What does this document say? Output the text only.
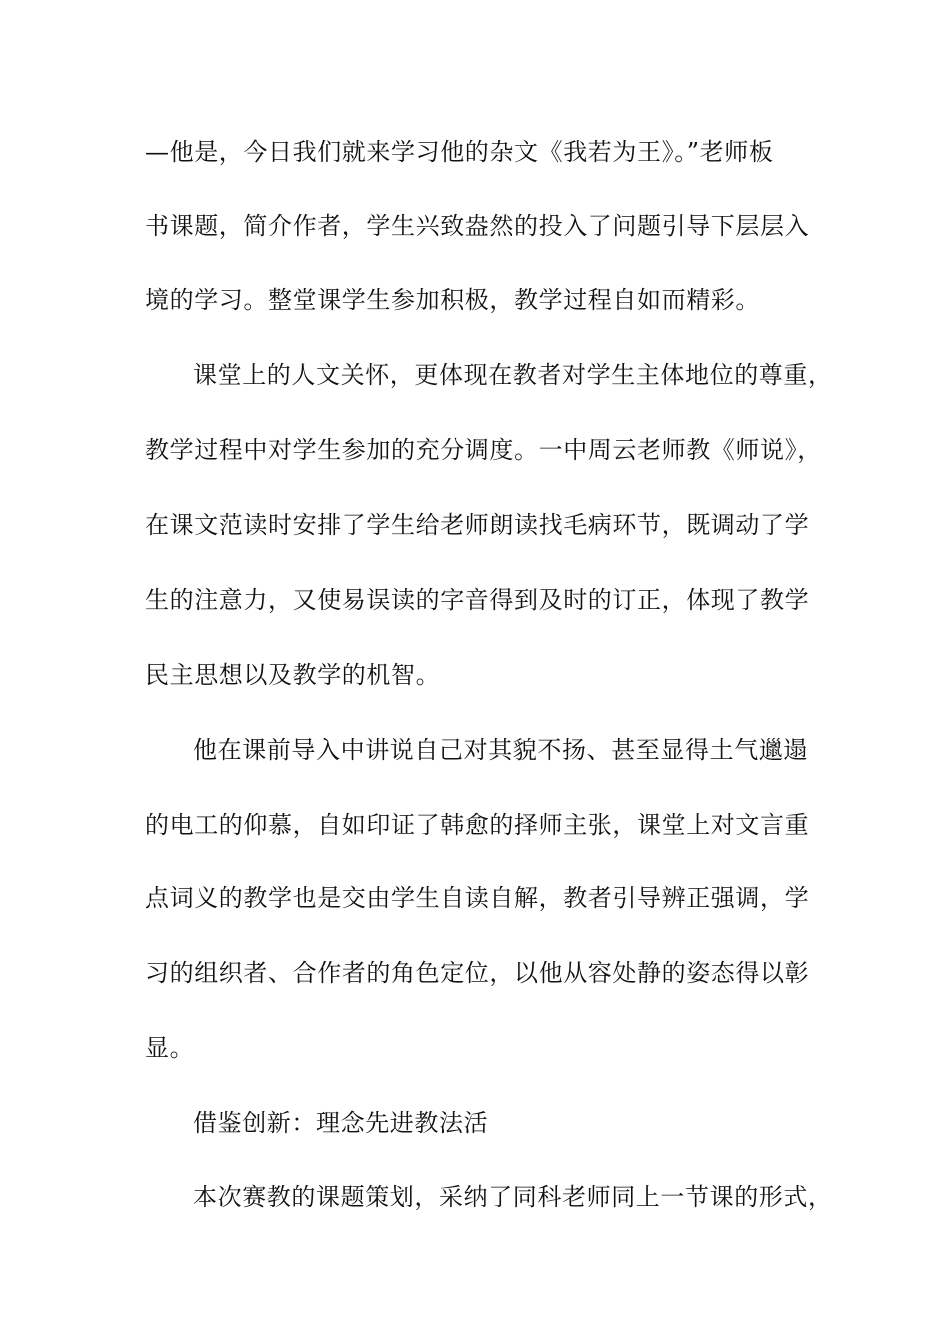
—他是，今日我们就来学习他的杂文《我若为王》。”老师板
书课题，简介作者，学生兴致盎然的投入了问题引导下层层入
境的学习。整堂课学生参加积极，教学过程自如而精彩。
课堂上的人文关怀，更体现在教者对学生主体地位的尊重，
教学过程中对学生参加的充分调度。一中周云老师教《师说》，
在课文范读时安排了学生给老师朗读找毛病环节，既调动了学
生的注意力，又使易误读的字音得到及时的订正，体现了教学
民主思想以及教学的机智。
他在课前导入中讲说自己对其貌不扬、甚至显得土气邋遢
的电工的仰慕，自如印证了韩愈的择师主张，课堂上对文言重
点词义的教学也是交由学生自读自解，教者引导辨正强调，学
习的组织者、合作者的角色定位，以他从容处静的姿态得以彰
显。
借鉴创新：理念先进教法活
本次赛教的课题策划，采纳了同科老师同上一节课的形式，
